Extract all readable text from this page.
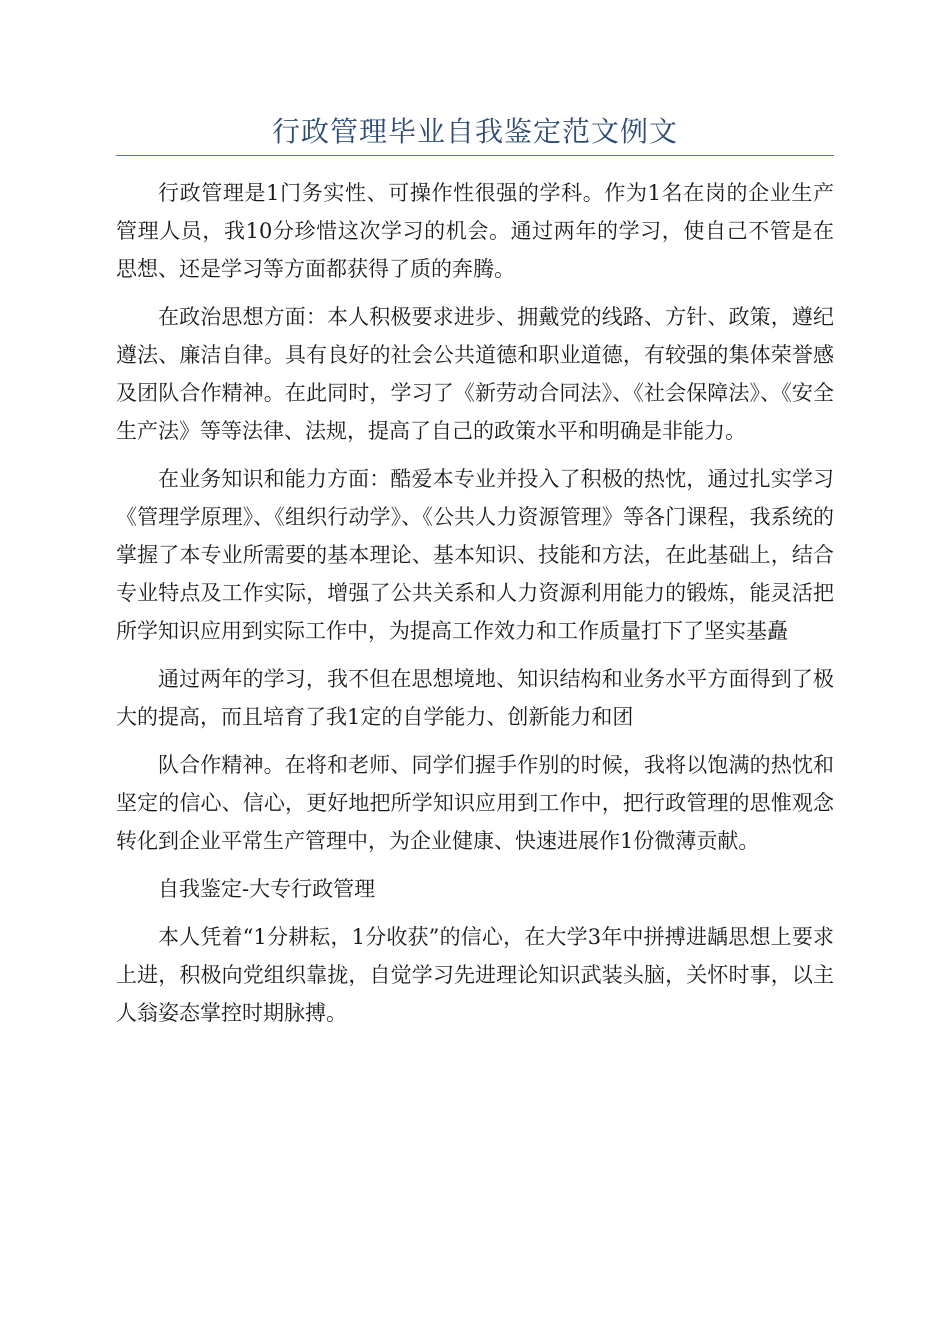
行政管理毕业自我鉴定范文例文

行政管理是1门务实性、可操作性很强的学科。作为1名在岗的企业生产管理人员，我10分珍惜这次学习的机会。通过两年的学习，使自己不管是在思想、还是学习等方面都获得了质的奔腾。

在政治思想方面：本人积极要求进步、拥戴党的线路、方针、政策，遵纪遵法、廉洁自律。具有良好的社会公共道德和职业道德，有较强的集体荣誉感及团队合作精神。在此同时，学习了《新劳动合同法》、《社会保障法》、《安全生产法》等等法律、法规，提高了自己的政策水平和明确是非能力。

在业务知识和能力方面：酷爱本专业并投入了积极的热忱，通过扎实学习《管理学原理》、《组织行动学》、《公共人力资源管理》等各门课程，我系统的掌握了本专业所需要的基本理论、基本知识、技能和方法，在此基础上，结合专业特点及工作实际，增强了公共关系和人力资源利用能力的锻炼，能灵活把所学知识应用到实际工作中，为提高工作效力和工作质量打下了坚实基矗

通过两年的学习，我不但在思想境地、知识结构和业务水平方面得到了极大的提高，而且培育了我1定的自学能力、创新能力和团

队合作精神。在将和老师、同学们握手作别的时候，我将以饱满的热忱和坚定的信心、信心，更好地把所学知识应用到工作中，把行政管理的思惟观念转化到企业平常生产管理中，为企业健康、快速进展作1份微薄贡献。

自我鉴定-大专行政管理

本人凭着“1分耕耘，1分收获”的信心，在大学3年中拼搏进龋思想上要求上进，积极向党组织靠拢，自觉学习先进理论知识武装头脑，关怀时事，以主人翁姿态掌控时期脉搏。
